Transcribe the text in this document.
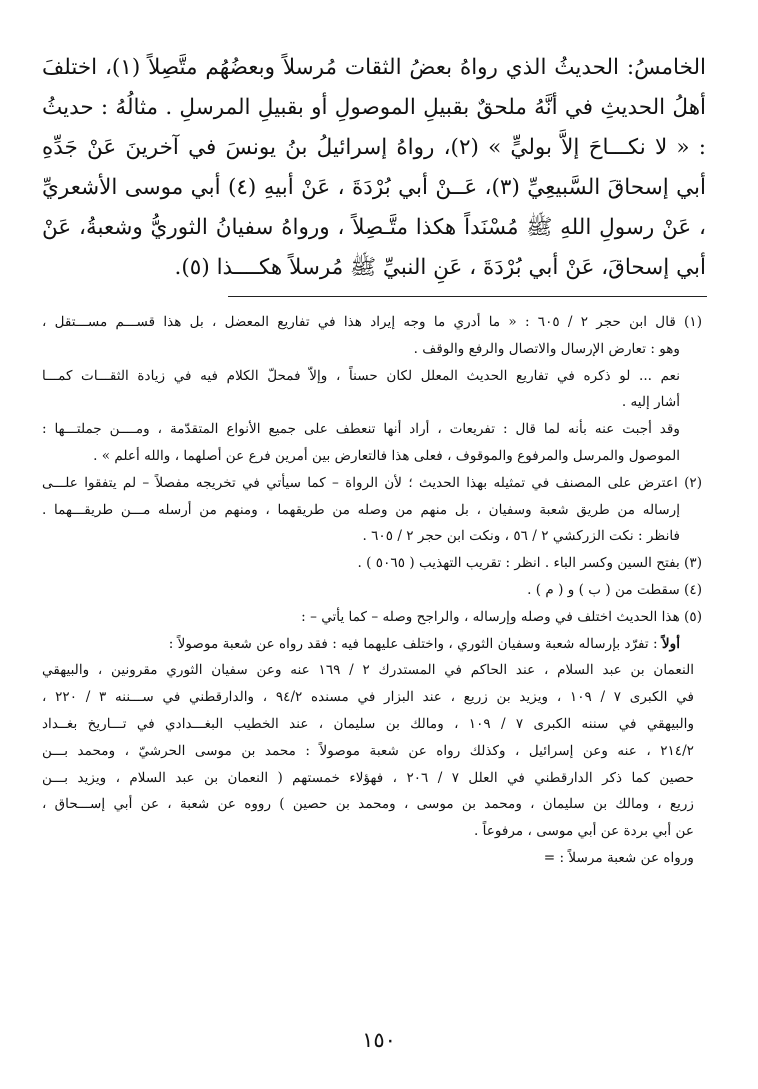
الخامسُ: الحديثُ الذي رواهُ بعضُ الثقات مُرسلاً وبعضُهُم متَّصِلاً (١)، اختلفَ أهلُ الحديثِ في أنَّهُ ملحقٌ بقبيلِ الموصولِ أو بقبيلِ المرسلِ . مثالُهُ : حديثُ : « لا نكـــاحَ إلاَّ بوليٍّ » (٢)، رواهُ إسرائيلُ بنُ يونسَ في آخرينَ عَنْ جَدِّهِ أبي إسحاقَ السَّبيعِيِّ (٣)، عَــنْ أبي بُرْدَةَ ، عَنْ أبيهِ (٤) أبي موسى الأشعريِّ ، عَنْ رسولِ اللهِ ﷺ مُسْنَداً هكذا متَّـصِلاً ، ورواهُ سفيانُ الثوريُّ وشعبةُ، عَنْ أبي إسحاقَ، عَنْ أبي بُرْدَةَ ، عَنِ النبيِّ ﷺ مُرسلاً هكــــذا (٥).

(١) قال ابن حجر ٢ / ٦٠٥ : « ما أدري ما وجه إيراد هذا في تفاريع المعضل ، بل هذا قســـم مســـتقل ،
وهو : تعارض الإرسال والاتصال والرفع والوقف .
نعم ... لو ذكره في تفاريع الحديث المعلل لكان حسناً ، وإلاّ فمحلّ الكلام فيه في زيادة الثقـــات كمـــا
أشار إليه .
وقد أجبت عنه بأنه لما قال : تفريعات ، أراد أنها تنعطف على جميع الأنواع المتقدّمة ، ومــــن جملتـــها :
الموصول والمرسل والمرفوع والموقوف ، فعلى هذا فالتعارض بين أمرين فرع عن أصلهما ، والله أعلم » .
(٢) اعترض على المصنف في تمثيله بهذا الحديث ؛ لأن الرواة – كما سيأتي في تخريجه مفصلاً – لم يتفقوا علـــى
إرساله من طريق شعبة وسفيان ، بل منهم من وصله من طريقهما ، ومنهم من أرسله مـــن طريقـــهما .
فانظر : نكت الزركشي ٢ / ٥٦ ، ونكت ابن حجر ٢ / ٦٠٥ .
(٣) بفتح السين وكسر الباء . انظر : تقريب التهذيب ( ٥٠٦٥ ) .
(٤) سقطت من ( ب ) و ( م ) .
(٥) هذا الحديث اختلف في وصله وإرساله ، والراجح وصله – كما يأتي – :
أولاً : تفرّد بإرساله شعبة وسفيان الثوري ، واختلف عليهما فيه : فقد رواه عن شعبة موصولاً :
النعمان بن عبد السلام ، عند الحاكم في المستدرك ٢ / ١٦٩ عنه وعن سفيان الثوري مقرونين ، والبيهقي
في الكبرى ٧ / ١٠٩ ، ويزيد بن زريع ، عند البزار في مسنده ٩٤/٢ ، والدارقطني في ســـننه ٣ / ٢٢٠ ،
والبيهقي في سننه الكبرى ٧ / ١٠٩ ، ومالك بن سليمان ، عند الخطيب البغـــدادي في تـــاريخ بغــداد
٢١٤/٢ ، عنه وعن إسرائيل ، وكذلك رواه عن شعبة موصولاً : محمد بن موسى الحرشيّ ، ومحمد بـــن
حصين كما ذكر الدارقطني في العلل ٧ / ٢٠٦ ، فهؤلاء خمستهم ( النعمان بن عبد السلام ، ويزيد بـــن
زريع ، ومالك بن سليمان ، ومحمد بن موسى ، ومحمد بن حصين ) رووه عن شعبة ، عن أبي إســـحاق ،
عن أبي بردة عن أبي موسى ، مرفوعاً .
ورواه عن شعبة مرسلاً : =
١٥٠
